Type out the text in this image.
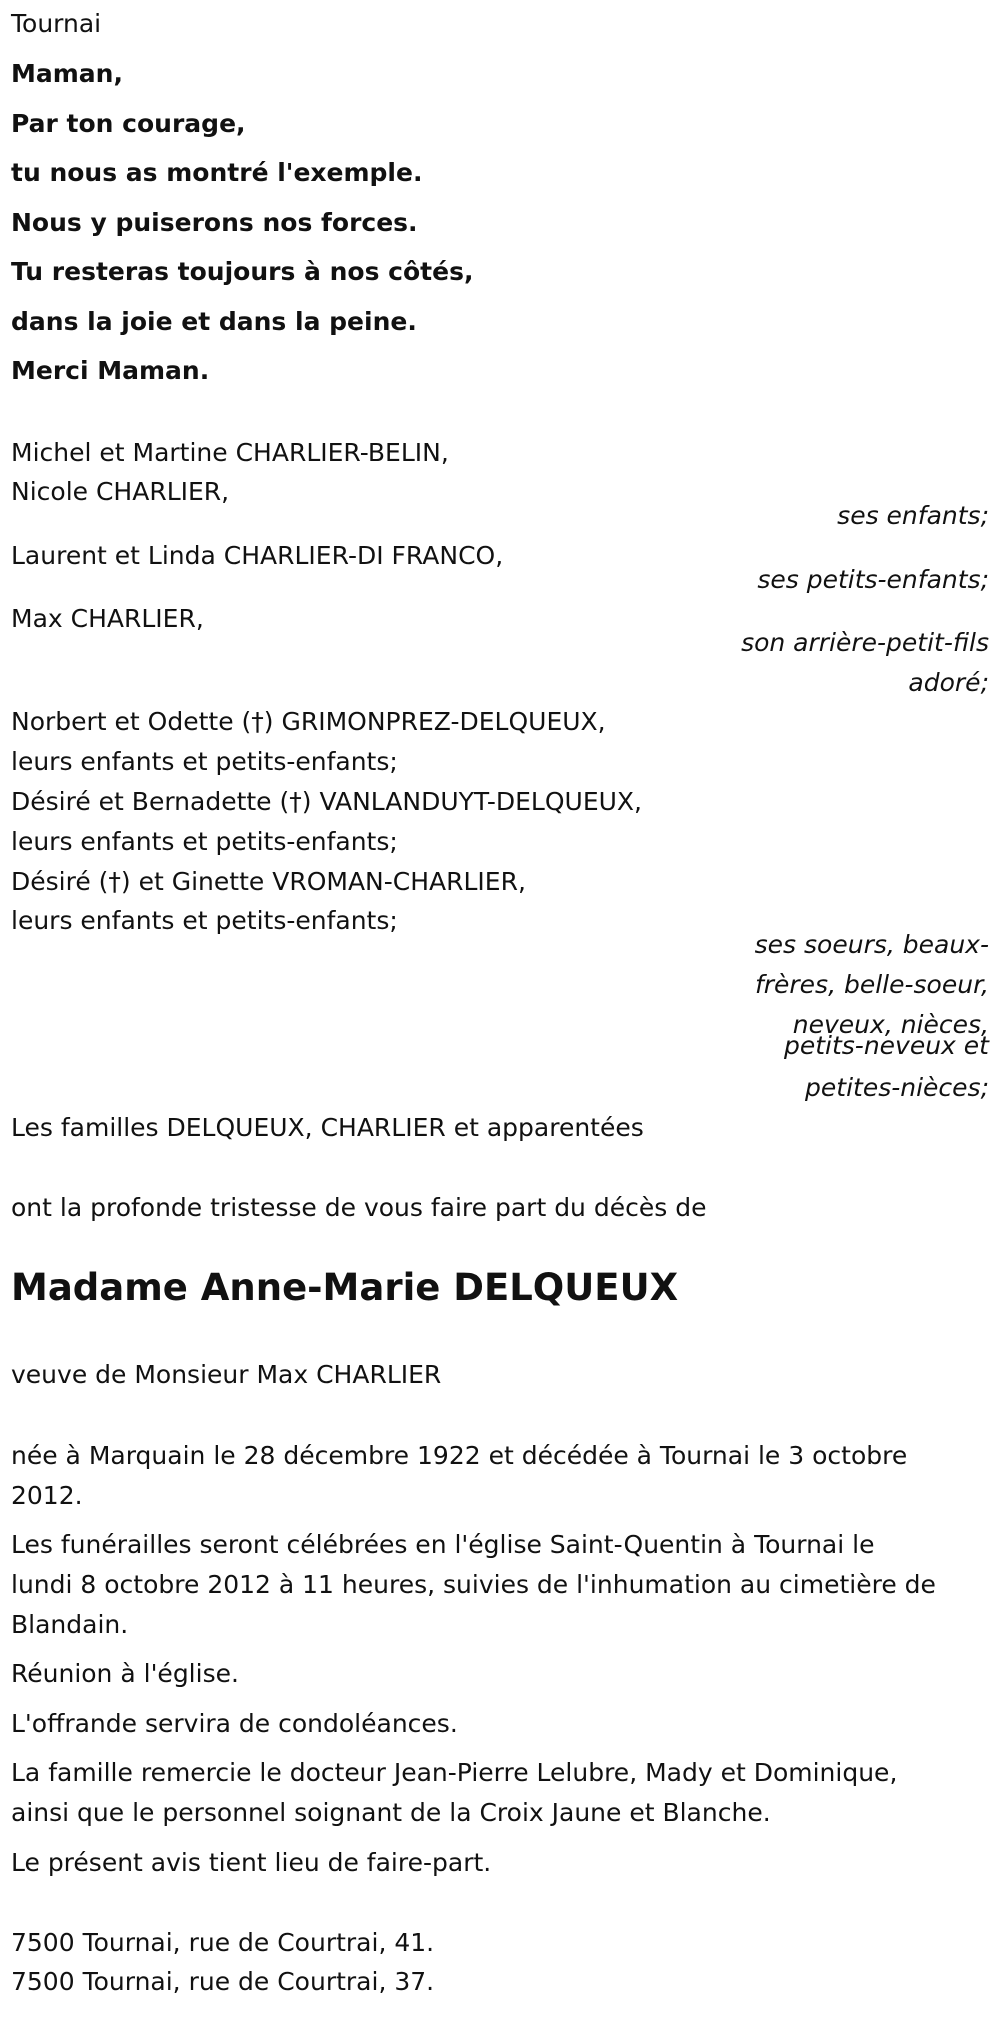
Tournai
Maman,
Par ton courage,
tu nous as montré l'exemple.
Nous y puiserons nos forces.
Tu resteras toujours à nos côtés,
dans la joie et dans la peine.
Merci Maman.
Michel et Martine CHARLIER-BELIN,
Nicole CHARLIER,
ses enfants;
Laurent et Linda CHARLIER-DI FRANCO,
ses petits-enfants;
Max CHARLIER,
son arrière-petit-fils
adoré;
Norbert et Odette (†) GRIMONPREZ-DELQUEUX,
leurs enfants et petits-enfants;
Désiré et Bernadette (†) VANLANDUYT-DELQUEUX,
leurs enfants et petits-enfants;
Désiré (†) et Ginette VROMAN-CHARLIER,
leurs enfants et petits-enfants;
ses soeurs, beaux-
frères, belle-soeur,
neveux, nièces,
petits-neveux et
petites-nièces;
Les familles DELQUEUX, CHARLIER et apparentées
ont la profonde tristesse de vous faire part du décès de
Madame Anne-Marie DELQUEUX
veuve de Monsieur Max CHARLIER
née à Marquain le 28 décembre 1922 et décédée à Tournai le 3 octobre
2012.
Les funérailles seront célébrées en l'église Saint-Quentin à Tournai le
lundi 8 octobre 2012 à 11 heures, suivies de l'inhumation au cimetière de
Blandain.
Réunion à l'église.
L'offrande servira de condoléances.
La famille remercie le docteur Jean-Pierre Lelubre, Mady et Dominique,
ainsi que le personnel soignant de la Croix Jaune et Blanche.
Le présent avis tient lieu de faire-part.
7500 Tournai, rue de Courtrai, 41.
7500 Tournai, rue de Courtrai, 37.
